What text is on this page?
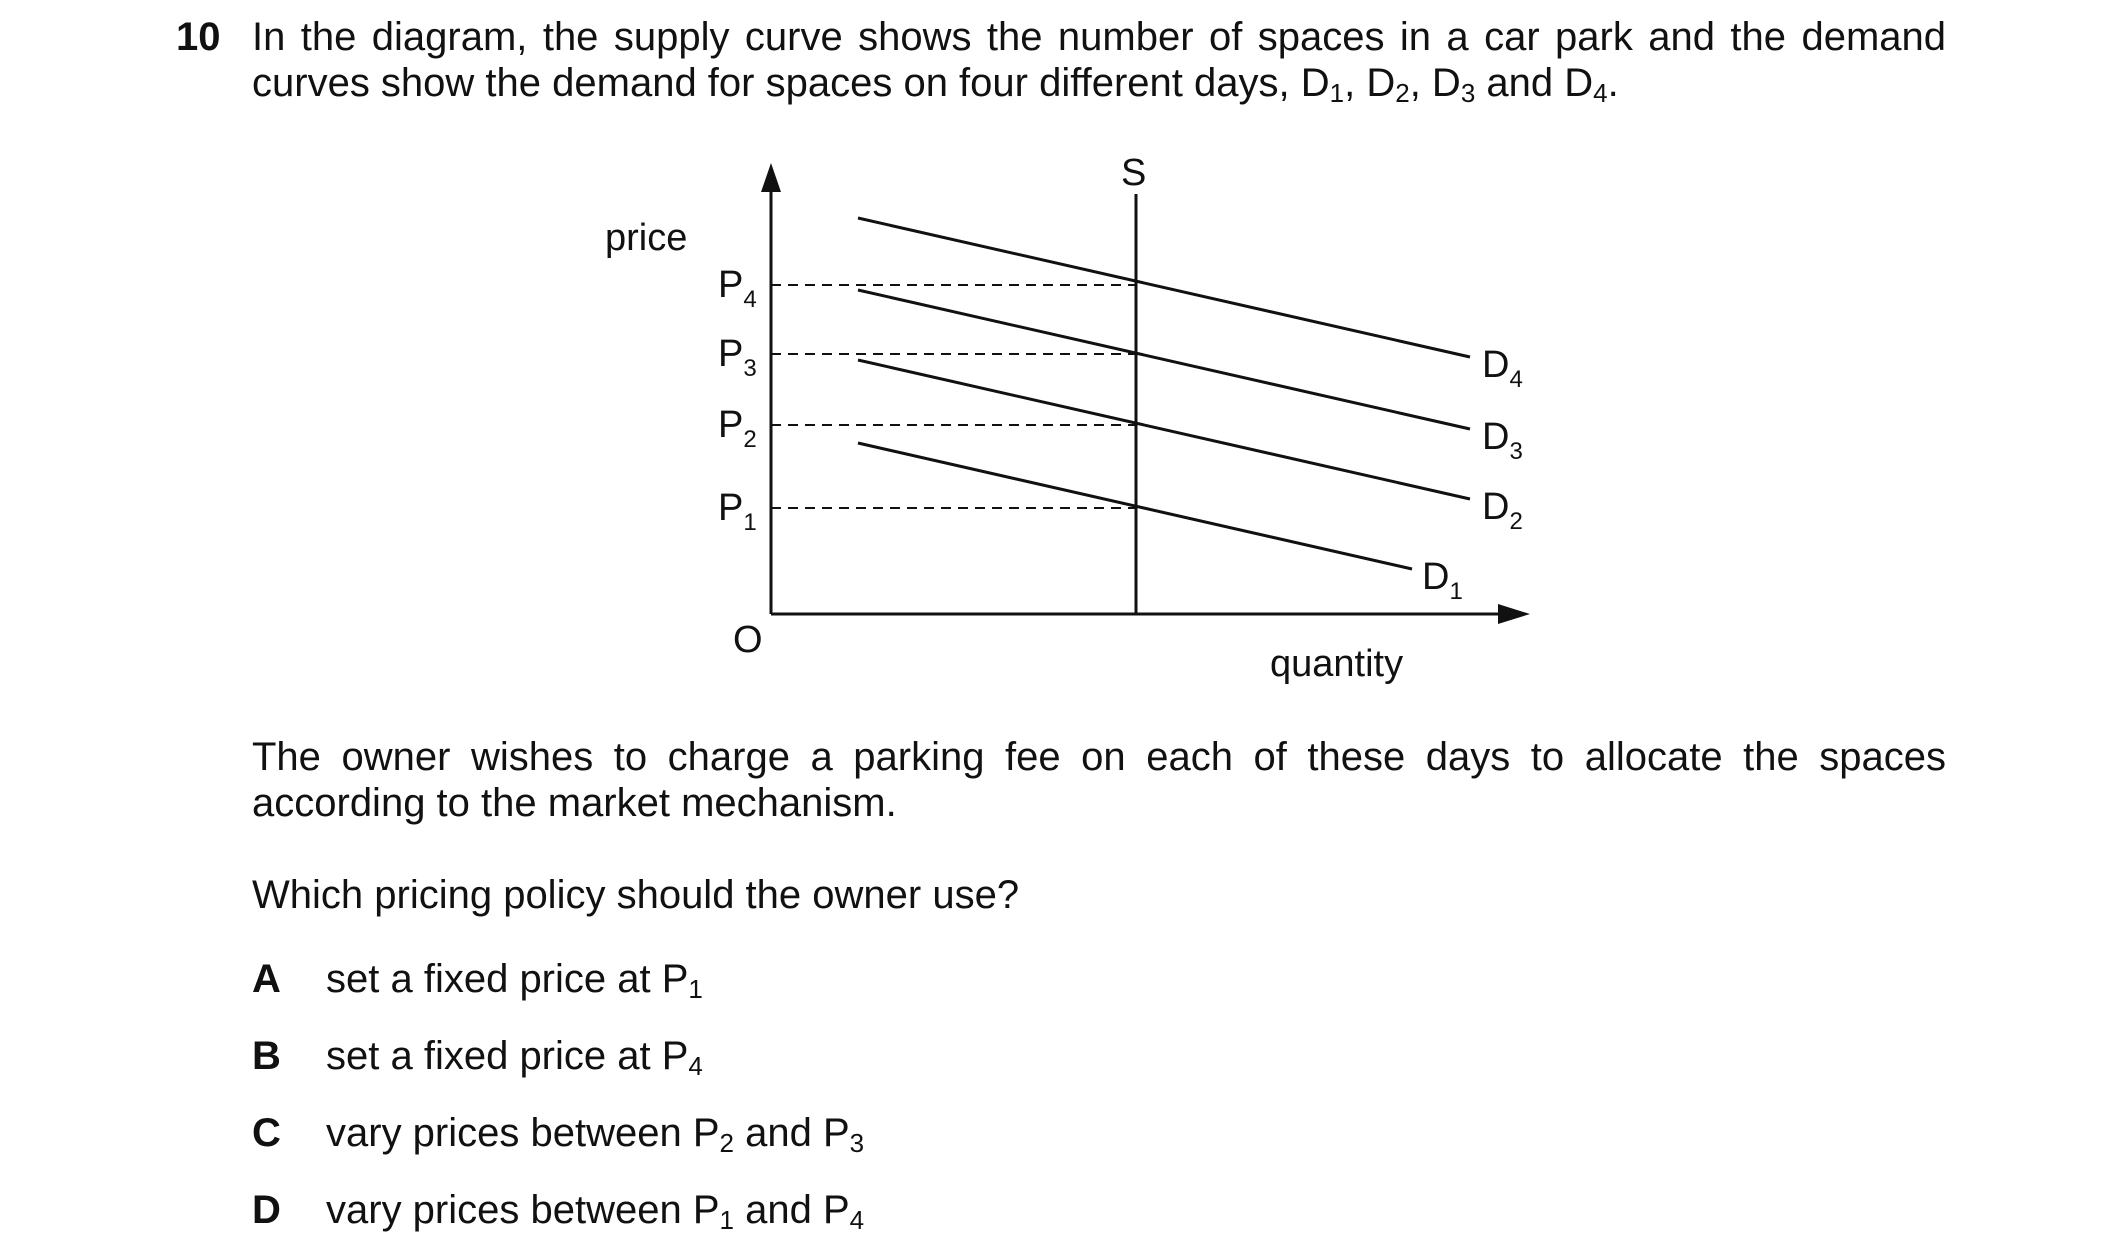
10 In the diagram, the supply curve shows the number of spaces in a car park and the demand
curves show the demand for spaces on four different days, $D_1$, $D_2$, $D_3$ and $D_4$.
price
O
S
$P_4$
$P_3$
$P_2$
$P_1$
$D_4$
$D_3$
$D_2$
$D_1$
quantity
The owner wishes to charge a parking fee on each of these days to allocate the spaces
according to the market mechanism.
Which pricing policy should the owner use?
A set a fixed price at $P_1$
B set a fixed price at $P_4$
C vary prices between $P_2$ and $P_3$
D vary prices between $P_1$ and $P_4$
